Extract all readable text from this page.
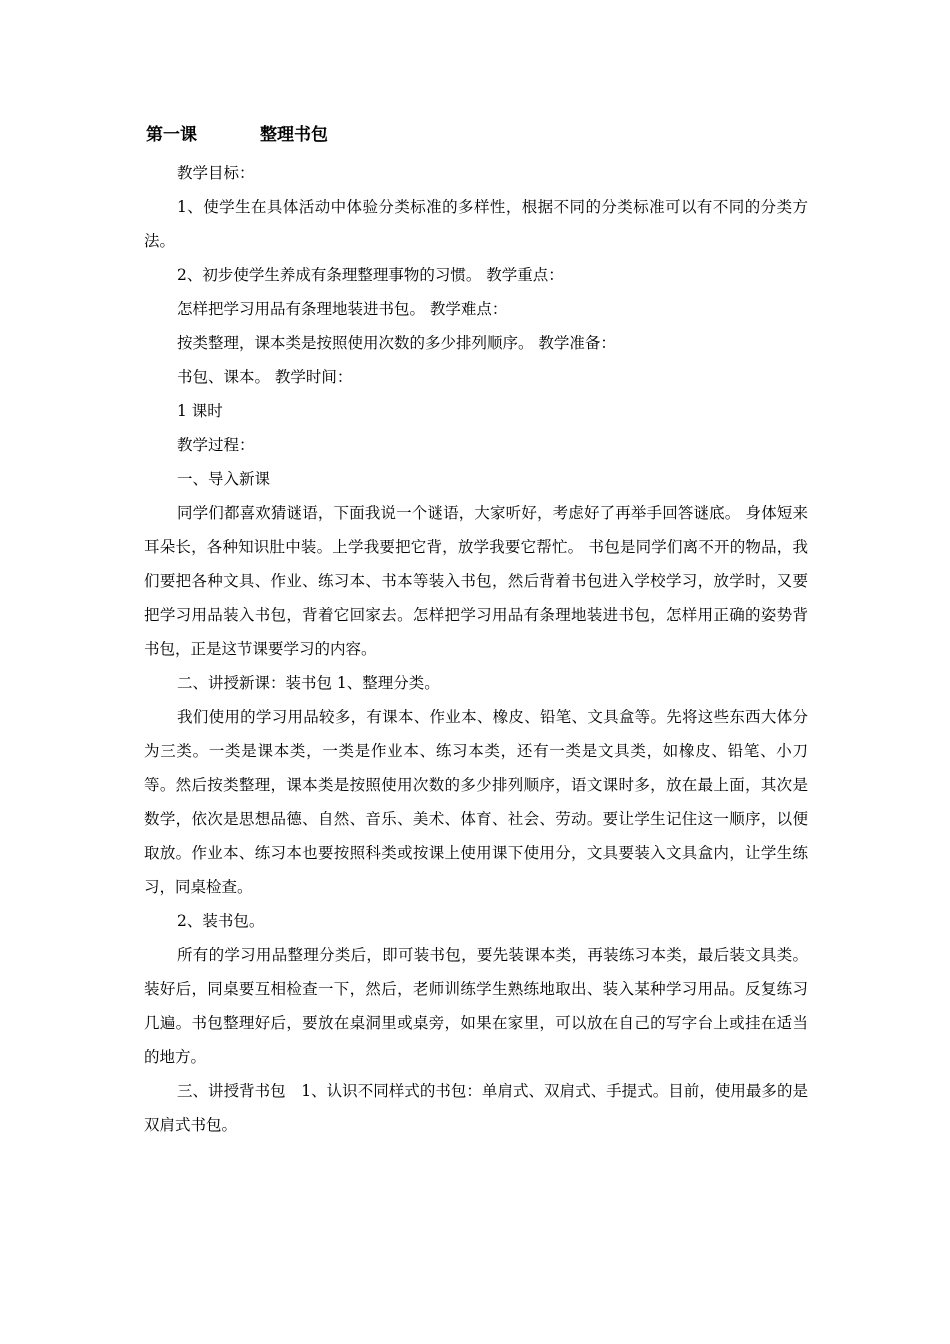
第一课	整理书包

教学目标：

1、使学生在具体活动中体验分类标准的多样性，根据不同的分类标准可以有不同的分类方法。

2、初步使学生养成有条理整理事物的习惯。 教学重点：

怎样把学习用品有条理地装进书包。 教学难点：

按类整理，课本类是按照使用次数的多少排列顺序。 教学准备：

书包、课本。 教学时间：

1 课时

教学过程：

一、导入新课

同学们都喜欢猜谜语，下面我说一个谜语，大家听好，考虑好了再举手回答谜底。 身体短来耳朵长，各种知识肚中装。上学我要把它背，放学我要它帮忙。 书包是同学们离不开的物品，我们要把各种文具、作业、练习本、书本等装入书包，然后背着书包进入学校学习，放学时，又要把学习用品装入书包，背着它回家去。怎样把学习用品有条理地装进书包，怎样用正确的姿势背书包，正是这节课要学习的内容。

二、讲授新课：装书包 1、整理分类。

我们使用的学习用品较多，有课本、作业本、橡皮、铅笔、文具盒等。先将这些东西大体分为三类。一类是课本类，一类是作业本、练习本类，还有一类是文具类，如橡皮、铅笔、小刀等。然后按类整理，课本类是按照使用次数的多少排列顺序，语文课时多，放在最上面，其次是数学，依次是思想品德、自然、音乐、美术、体育、社会、劳动。要让学生记住这一顺序，以便取放。作业本、练习本也要按照科类或按课上使用课下使用分，文具要装入文具盒内，让学生练习，同桌检查。

2、装书包。

所有的学习用品整理分类后，即可装书包，要先装课本类，再装练习本类，最后装文具类。装好后，同桌要互相检查一下，然后，老师训练学生熟练地取出、装入某种学习用品。反复练习几遍。书包整理好后，要放在桌洞里或桌旁，如果在家里，可以放在自己的写字台上或挂在适当的地方。

三、讲授背书包　1、认识不同样式的书包：单肩式、双肩式、手提式。目前，使用最多的是双肩式书包。
